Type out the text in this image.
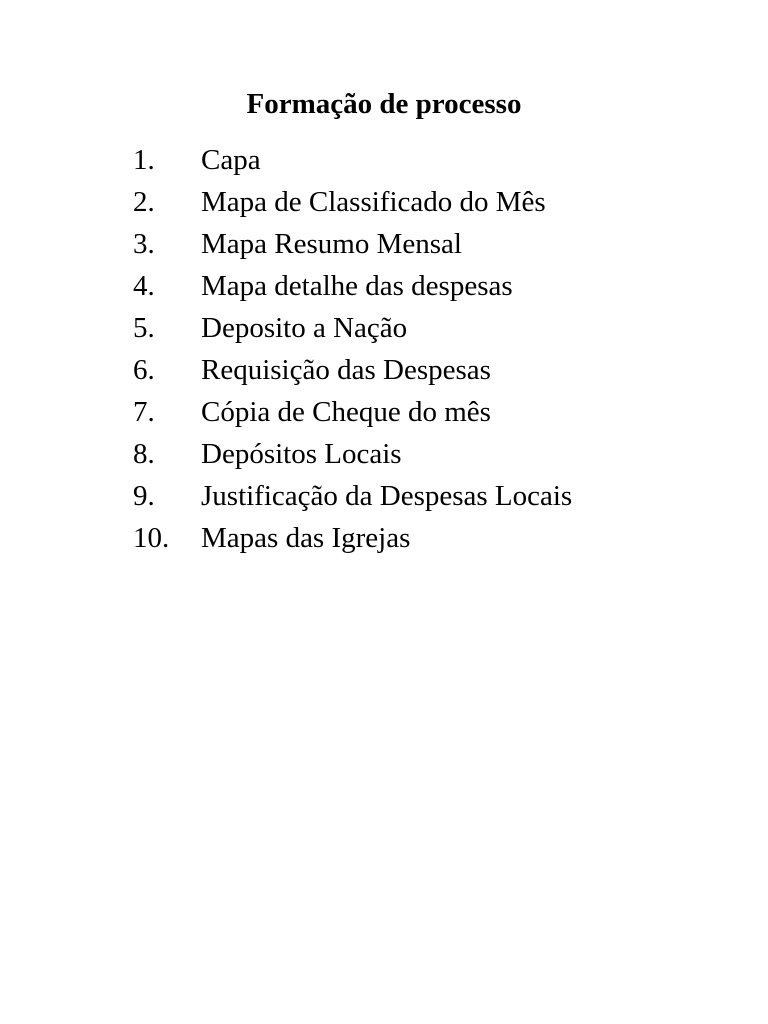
Formação de processo
1.	Capa
2.	Mapa de Classificado do Mês
3.	Mapa Resumo Mensal
4.	Mapa detalhe das despesas
5.	Deposito a Nação
6.	Requisição das Despesas
7.	Cópia de Cheque do mês
8.	Depósitos Locais
9.	Justificação da Despesas Locais
10.	Mapas das Igrejas
